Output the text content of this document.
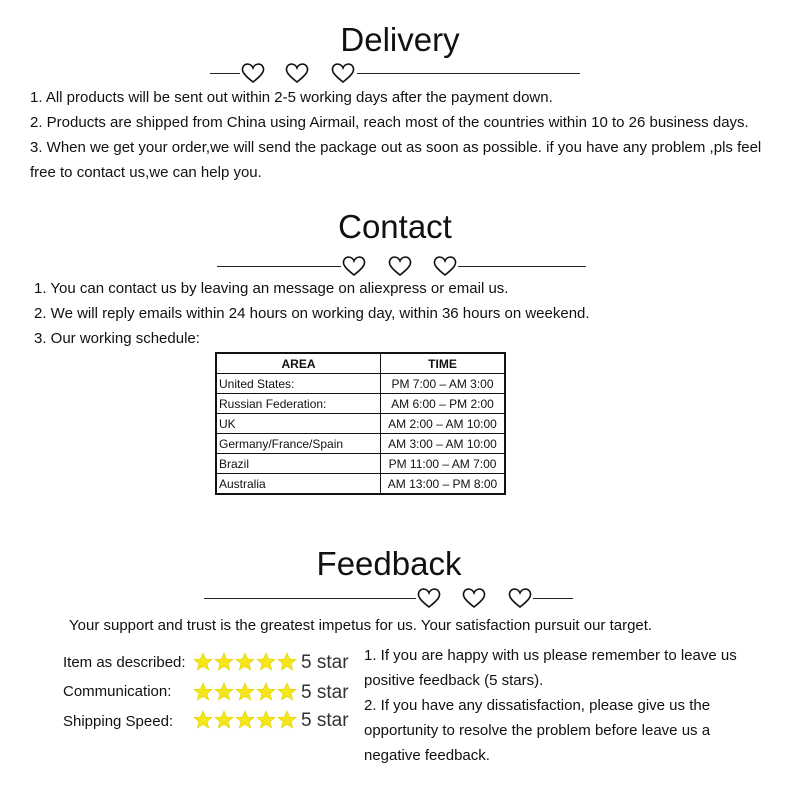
Delivery
1. All products will be sent out within 2-5 working days after the payment down.
2. Products are shipped from China using Airmail, reach most of the countries within 10 to 26 business days.
3. When we get your order,we will send the package out as soon as possible. if you have any problem ,pls feel free to contact us,we can help you.
Contact
1. You can contact us by leaving an message on aliexpress or email us.
2. We will reply emails within 24 hours on working day, within 36 hours on weekend.
3. Our working schedule:
AREA	TIME
United States:	PM 7:00 – AM 3:00
Russian Federation:	AM 6:00 – PM 2:00
UK	AM 2:00 – AM 10:00
Germany/France/Spain	AM 3:00 – AM 10:00
Brazil	PM 11:00 – AM 7:00
Australia	AM 13:00 – PM 8:00
Feedback
Your support and trust is the greatest impetus for us. Your satisfaction pursuit our target.
Item as described:	5 star
Communication:	5 star
Shipping Speed:	5 star
1. If you are happy with us please remember to leave us positive feedback (5 stars).
2. If you have any dissatisfaction, please give us the opportunity to resolve the problem before leave us a negative feedback.
